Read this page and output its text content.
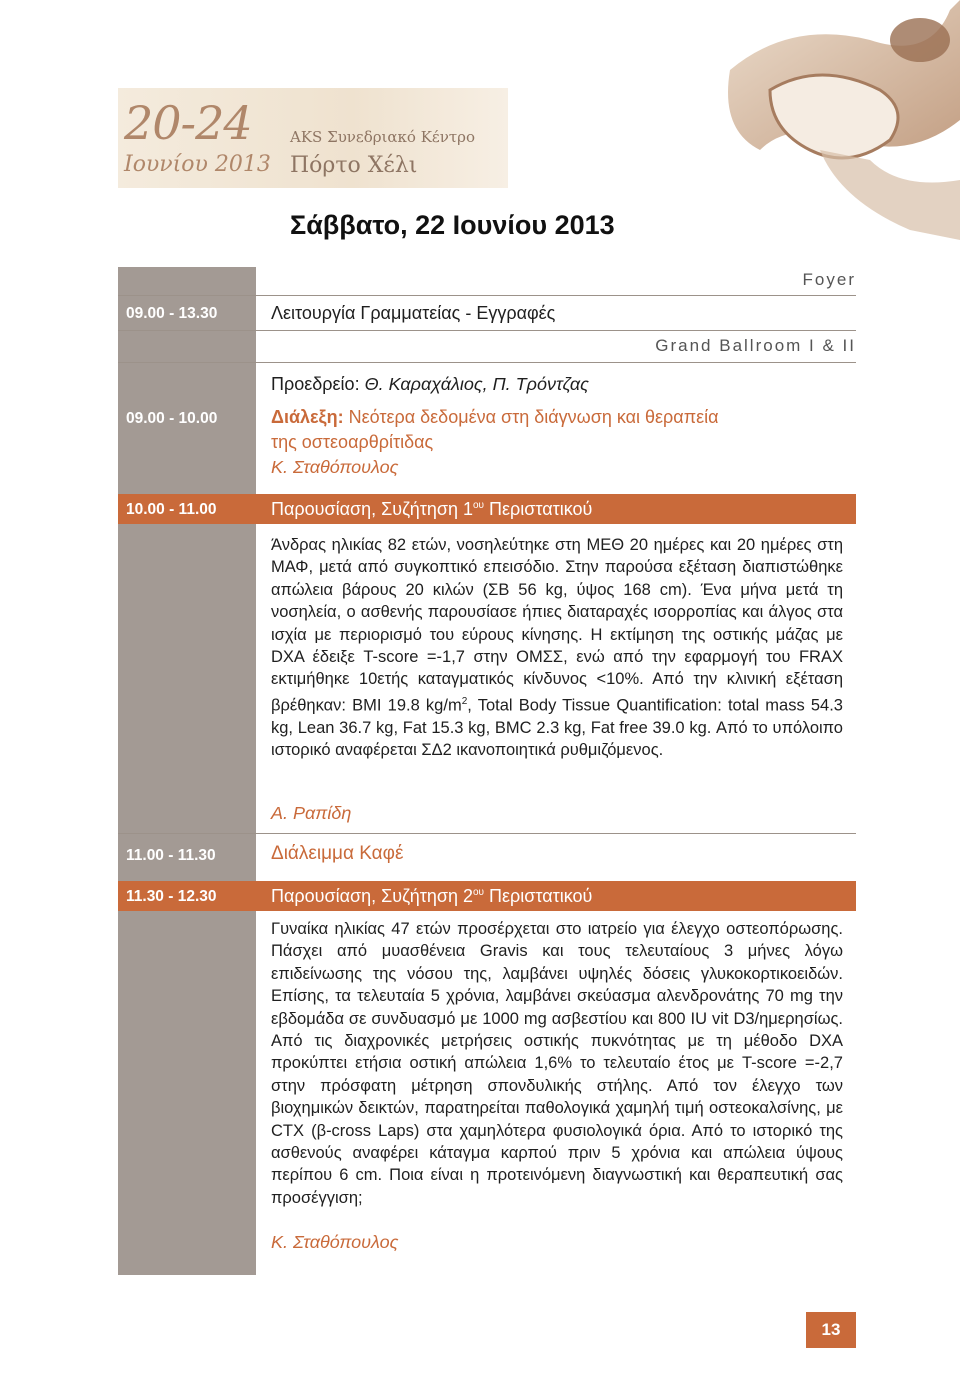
20-24
Ιουνίου 2013
AKS Συνεδριακό Κέντρο
Πόρτο Χέλι
Σάββατο, 22 Ιουνίου 2013
Foyer
09.00 - 13.30	Λειτουργία Γραμματείας - Εγγραφές
Grand Ballroom I & II
Προεδρείο: Θ. Καραχάλιος, Π. Τρόντζας
09.00 - 10.00	Διάλεξη: Νεότερα δεδομένα στη διάγνωση και θεραπεία
της οστεοαρθρίτιδας
Κ. Σταθόπουλος
10.00 - 11.00	Παρουσίαση, Συζήτηση $1^{o\upsilon}$ Περιστατικού
Άνδρας ηλικίας 82 ετών, νοσηλεύτηκε στη ΜΕΘ 20 ημέρες και 20 ημέρες στη ΜΑΦ, μετά από συγκοπτικό επεισόδιο. Στην παρούσα εξέταση διαπιστώθηκε απώλεια βάρους 20 κιλών (ΣΒ 56 kg, ύψος 168 cm). Ένα μήνα μετά τη νοσηλεία, ο ασθενής παρουσίασε ήπιες διαταραχές ισορροπίας και άλγος στα ισχία με περιορισμό του εύρους κίνησης. Η εκτίμηση της οστικής μάζας με DXA έδειξε T-score =-1,7 στην ΟΜΣΣ, ενώ από την εφαρμογή του FRAX εκτιμήθηκε 10ετής καταγματικός κίνδυνος <10%. Από την κλινική εξέταση βρέθηκαν: BMI 19.8 $kg/m^2$, Total Body Tissue Quantification: total mass 54.3 kg, Lean 36.7 kg, Fat 15.3 kg, BMC 2.3 kg, Fat free 39.0 kg. Από το υπόλοιπο ιστορικό αναφέρεται ΣΔ2 ικανοποιητικά ρυθμιζόμενος.
Α. Ραπίδη
11.00 - 11.30	Διάλειμμα Καφέ
11.30 - 12.30	Παρουσίαση, Συζήτηση $2^{o\upsilon}$ Περιστατικού
Γυναίκα ηλικίας 47 ετών προσέρχεται στο ιατρείο για έλεγχο οστεοπόρωσης. Πάσχει από μυασθένεια Gravis και τους τελευταίους 3 μήνες λόγω επιδείνωσης της νόσου της, λαμβάνει υψηλές δόσεις γλυκοκορτικοειδών. Επίσης, τα τελευταία 5 χρόνια, λαμβάνει σκεύασμα αλενδρονάτης 70 mg την εβδομάδα σε συνδυασμό με 1000 mg ασβεστίου και 800 IU vit D3/ημερησίως. Από τις διαχρονικές μετρήσεις οστικής πυκνότητας με τη μέθοδο DXA προκύπτει ετήσια οστική απώλεια 1,6% το τελευταίο έτος με T-score =-2,7 στην πρόσφατη μέτρηση σπονδυλικής στήλης. Από τον έλεγχο των βιοχημικών δεικτών, παρατηρείται παθολογικά χαμηλή τιμή οστεοκαλσίνης, με CTX (β-cross Laps) στα χαμηλότερα φυσιολογικά όρια. Από το ιστορικό της ασθενούς αναφέρει κάταγμα καρπού πριν 5 χρόνια και απώλεια ύψους περίπου 6 cm. Ποια είναι η προτεινόμενη διαγνωστική και θεραπευτική σας προσέγγιση;
Κ. Σταθόπουλος
13
